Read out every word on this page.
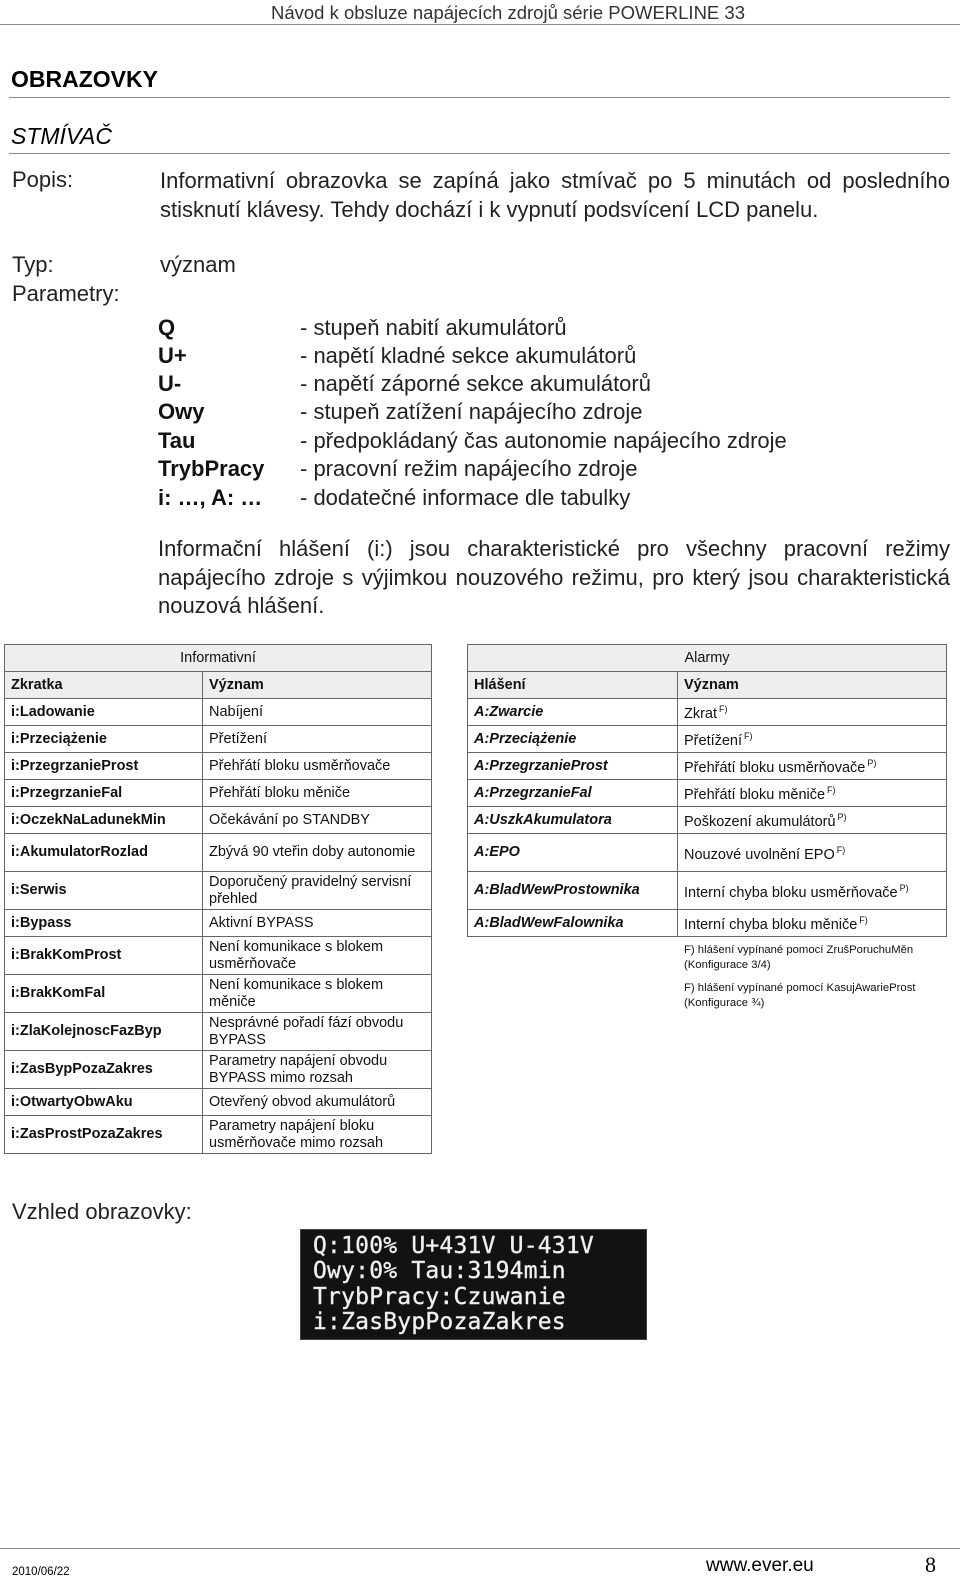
Návod k obsluze napájecích zdrojů série POWERLINE 33
OBRAZOVKY
STMÍVAČ
Popis:	Informativní obrazovka se zapíná jako stmívač po 5 minutách od posledního stisknutí klávesy. Tehdy dochází i k vypnutí podsvícení LCD panelu.
Typ:	význam
Parametry:
Q	- stupeň nabití akumulátorů
U+	- napětí kladné sekce akumulátorů
U-	- napětí záporné sekce akumulátorů
Owy	- stupeň zatížení napájecího zdroje
Tau	- předpokládaný čas autonomie napájecího zdroje
TrybPracy - pracovní režim napájecího zdroje
i: …, A: … - dodatečné informace dle tabulky
Informační hlášení (i:) jsou charakteristické pro všechny pracovní režimy napájecího zdroje s výjimkou nouzového režimu, pro který jsou charakteristická nouzová hlášení.
Informativní	
Zkratka	Význam
i:Ladowanie	Nabíjení
i:Przeciążenie	Přetížení
i:PrzegrzanieProst	Přehřátí bloku usměrňovače
i:PrzegrzanieFal	Přehřátí bloku měniče
i:OczekNaLadunekMin	Očekávání po STANDBY
i:AkumulatorRozlad	Zbývá 90 vteřin doby autonomie
i:Serwis	Doporučený pravidelný servisní přehled
i:Bypass	Aktivní BYPASS
i:BrakKomProst	Není komunikace s blokem usměrňovače
i:BrakKomFal	Není komunikace s blokem měniče
i:ZlaKolejnoscFazByp	Nesprávné pořadí fází obvodu BYPASS
i:ZasBypPozaZakres	Parametry napájení obvodu BYPASS mimo rozsah
i:OtwartyObwAku	Otevřený obvod akumulátorů
i:ZasProstPozaZakres	Parametry napájení bloku usměrňovače mimo rozsah
Alarmy	
Hlášení	Význam
A:Zwarcie	Zkrat $^{F)}$
A:Przeciążenie	Přetížení $^{F)}$
A:PrzegrzanieProst	Přehřátí bloku usměrňovače $^{P)}$
A:PrzegrzanieFal	Přehřátí bloku měniče $^{F)}$
A:UszkAkumulatora	Poškození akumulátorů $^{P)}$
A:EPO	Nouzové uvolnění EPO $^{F)}$
A:BladWewProstownika	Interní chyba bloku usměrňovače $^{P)}$
A:BladWewFalownika	Interní chyba bloku měniče $^{F)}$
F) hlášení vypínané pomocí ZrušPoruchuMěn (Konfigurace 3/4)
F) hlášení vypínané pomocí KasujAwarieProst (Konfigurace ¾)
Vzhled obrazovky:
Q:100% U+431V U-431V
Owy:0% Tau:3194min
TrybPracy:Czuwanie
i:ZasBypPozaZakres
2010/06/22	www.ever.eu	8
